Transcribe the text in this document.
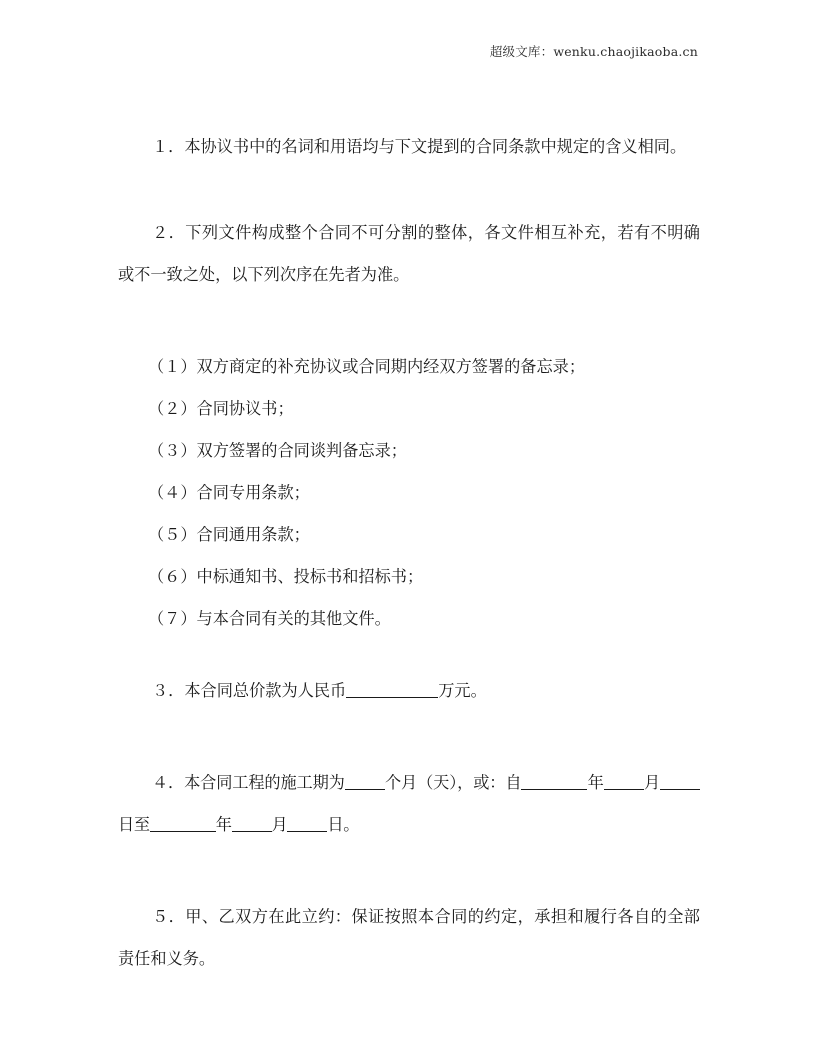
超级文库：wenku.chaojikaoba.cn

１．本协议书中的名词和用语均与下文提到的合同条款中规定的含义相同。

２．下列文件构成整个合同不可分割的整体，各文件相互补充，若有不明确或不一致之处，以下列次序在先者为准。

（１）双方商定的补充协议或合同期内经双方签署的备忘录；
（２）合同协议书；
（３）双方签署的合同谈判备忘录；
（４）合同专用条款；
（５）合同通用条款；
（６）中标通知书、投标书和招标书；
（７）与本合同有关的其他文件。

３．本合同总价款为人民币	万元。

４．本合同工程的施工期为 个月（天），或：自	年 月日至	年 月 日。

５．甲、乙双方在此立约：保证按照本合同的约定，承担和履行各自的全部责任和义务。
